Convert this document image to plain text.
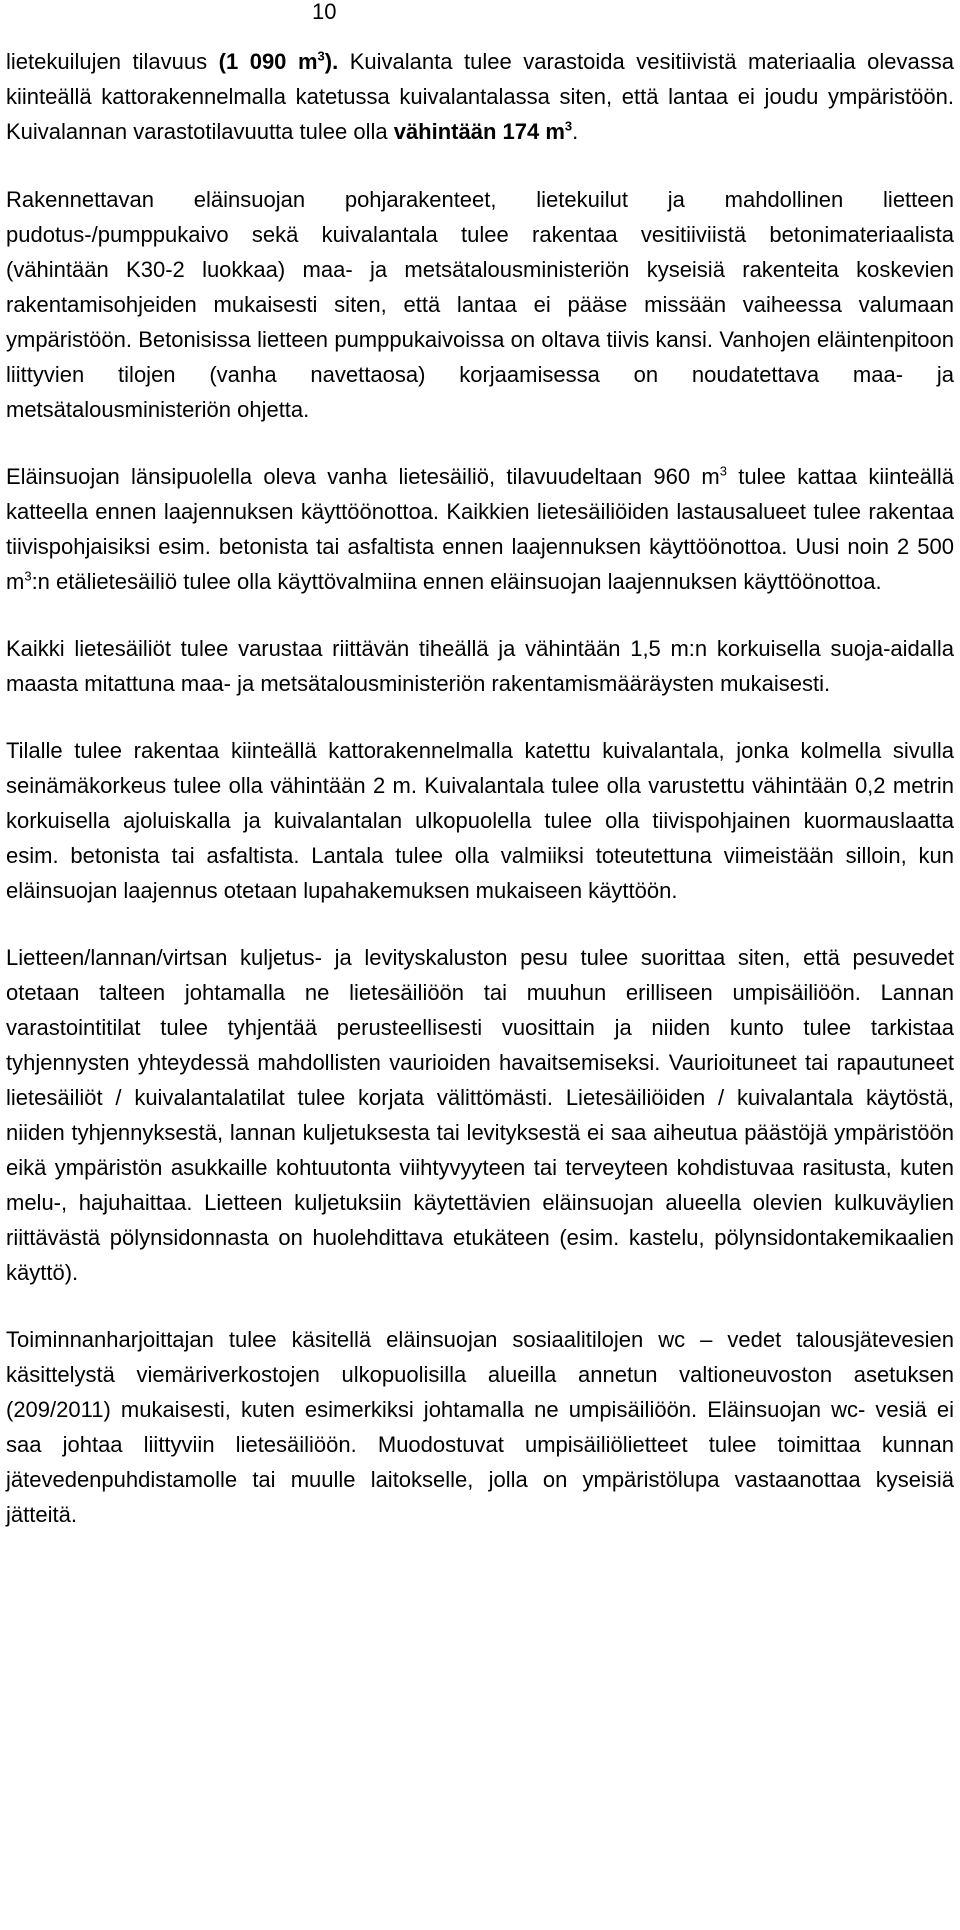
10

lietekuilujen tilavuus (1 090 $m^3$). Kuivalanta tulee varastoida vesitiivistä materiaalia olevassa kiinteällä kattorakennelmalla katetussa kuivalantalassa siten, että lantaa ei joudu ympäristöön. Kuivalannan varastotilavuutta tulee olla vähintään 174 $m^3$.

Rakennettavan eläinsuojan pohjarakenteet, lietekuilut ja mahdollinen lietteen pudotus-/pumppukaivo sekä kuivalantala tulee rakentaa vesitiiviistä betonimateriaalista (vähintään K30-2 luokkaa) maa- ja metsätalousministeriön kyseisiä rakenteita koskevien rakentamisohjeiden mukaisesti siten, että lantaa ei pääse missään vaiheessa valumaan ympäristöön. Betonisissa lietteen pumppukaivoissa on oltava tiivis kansi. Vanhojen eläintenpitoon liittyvien tilojen (vanha navettaosa) korjaamisessa on noudatettava maa- ja metsätalousministeriön ohjetta.

Eläinsuojan länsipuolella oleva vanha lietesäiliö, tilavuudeltaan 960 $m^3$ tulee kattaa kiinteällä katteella ennen laajennuksen käyttöönottoa. Kaikkien lietesäiliöiden lastausalueet tulee rakentaa tiivispohjaisiksi esim. betonista tai asfaltista ennen laajennuksen käyttöönottoa. Uusi noin 2 500 $m^3:n$ etälietesäiliö tulee olla käyttövalmiina ennen eläinsuojan laajennuksen käyttöönottoa.

Kaikki lietesäiliöt tulee varustaa riittävän tiheällä ja vähintään 1,5 m:n korkuisella suoja-aidalla maasta mitattuna maa- ja metsätalousministeriön rakentamismääräysten mukaisesti.

Tilalle tulee rakentaa kiinteällä kattorakennelmalla katettu kuivalantala, jonka kolmella sivulla seinämäkorkeus tulee olla vähintään 2 m. Kuivalantala tulee olla varustettu vähintään 0,2 metrin korkuisella ajoluiskalla ja kuivalantalan ulkopuolella tulee olla tiivispohjainen kuormauslaatta esim. betonista tai asfaltista. Lantala tulee olla valmiiksi toteutettuna viimeistään silloin, kun eläinsuojan laajennus otetaan lupahakemuksen mukaiseen käyttöön.

Lietteen/lannan/virtsan kuljetus- ja levityskaluston pesu tulee suorittaa siten, että pesuvedet otetaan talteen johtamalla ne lietesäiliöön tai muuhun erilliseen umpisäiliöön. Lannan varastointitilat tulee tyhjentää perusteellisesti vuosittain ja niiden kunto tulee tarkistaa tyhjennysten yhteydessä mahdollisten vaurioiden havaitsemiseksi. Vaurioituneet tai rapautuneet lietesäiliöt / kuivalantalatilat tulee korjata välittömästi. Lietesäiliöiden / kuivalantala käytöstä, niiden tyhjennyksestä, lannan kuljetuksesta tai levityksestä ei saa aiheutua päästöjä ympäristöön eikä ympäristön asukkaille kohtuutonta viihtyvyyteen tai terveyteen kohdistuvaa rasitusta, kuten melu-, hajuhaittaa. Lietteen kuljetuksiin käytettävien eläinsuojan alueella olevien kulkuväylien riittävästä pölynsidonnasta on huolehdittava etukäteen (esim. kastelu, pölynsidontakemikaalien käyttö).

Toiminnanharjoittajan tulee käsitellä eläinsuojan sosiaalitilojen wc – vedet talousjätevesien käsittelystä viemäriverkostojen ulkopuolisilla alueilla annetun valtioneuvoston asetuksen (209/2011) mukaisesti, kuten esimerkiksi johtamalla ne umpisäiliöön. Eläinsuojan wc- vesiä ei saa johtaa liittyviin lietesäiliöön. Muodostuvat umpisäiliölietteet tulee toimittaa kunnan jätevedenpuhdistamolle tai muulle laitokselle, jolla on ympäristölupa vastaanottaa kyseisiä jätteitä.
